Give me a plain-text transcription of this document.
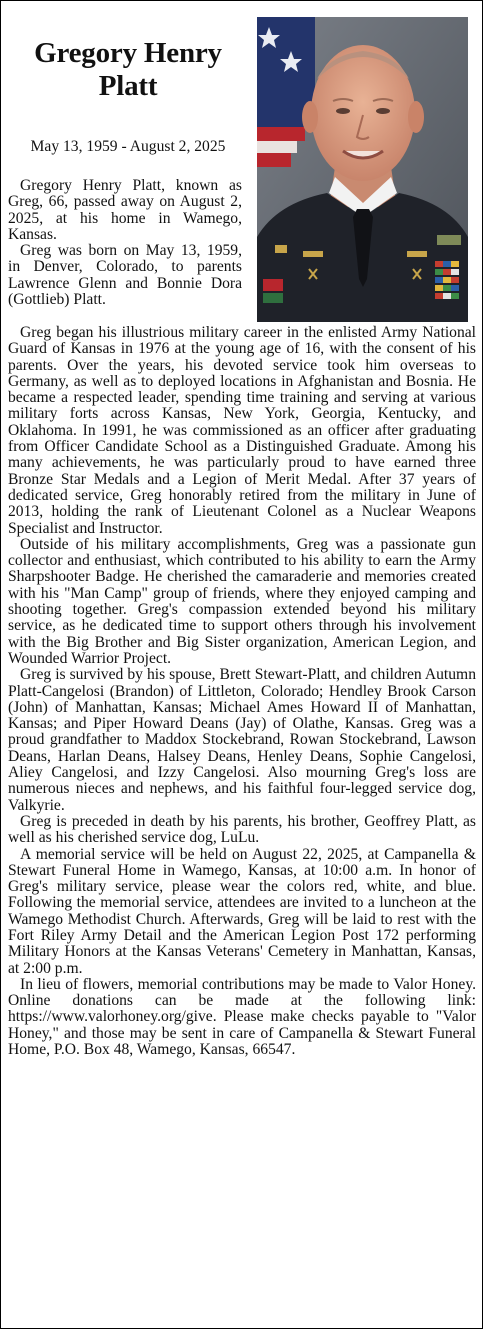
Gregory Henry Platt
May 13, 1959 - August 2, 2025

Gregory Henry Platt, known as Greg, 66, passed away on August 2, 2025, at his home in Wamego, Kansas.

Greg was born on May 13, 1959, in Denver, Colorado, to parents Lawrence Glenn and Bonnie Dora (Gottlieb) Platt.

Greg began his illustrious military career in the enlisted Army National Guard of Kansas in 1976 at the young age of 16, with the consent of his parents. Over the years, his devoted service took him overseas to Germany, as well as to deployed locations in Afghanistan and Bosnia. He became a respected leader, spending time training and serving at various military forts across Kansas, New York, Georgia, Kentucky, and Oklahoma. In 1991, he was commissioned as an officer after graduating from Officer Candidate School as a Distinguished Graduate. Among his many achievements, he was particularly proud to have earned three Bronze Star Medals and a Legion of Merit Medal. After 37 years of dedicated service, Greg honorably retired from the military in June of 2013, holding the rank of Lieutenant Colonel as a Nuclear Weapons Specialist and Instructor.

Outside of his military accomplishments, Greg was a passionate gun collector and enthusiast, which contributed to his ability to earn the Army Sharpshooter Badge. He cherished the camaraderie and memories created with his "Man Camp" group of friends, where they enjoyed camping and shooting together. Greg's compassion extended beyond his military service, as he dedicated time to support others through his involvement with the Big Brother and Big Sister organization, American Legion, and Wounded Warrior Project.

Greg is survived by his spouse, Brett Stewart-Platt, and children Autumn Platt-Cangelosi (Brandon) of Littleton, Colorado; Hendley Brook Carson (John) of Manhattan, Kansas; Michael Ames Howard II of Manhattan, Kansas; and Piper Howard Deans (Jay) of Olathe, Kansas. Greg was a proud grandfather to Maddox Stockebrand, Rowan Stockebrand, Lawson Deans, Harlan Deans, Halsey Deans, Henley Deans, Sophie Cangelosi, Aliey Cangelosi, and Izzy Cangelosi. Also mourning Greg's loss are numerous nieces and nephews, and his faithful four-legged service dog, Valkyrie.

Greg is preceded in death by his parents, his brother, Geoffrey Platt, as well as his cherished service dog, LuLu.

A memorial service will be held on August 22, 2025, at Campanella & Stewart Funeral Home in Wamego, Kansas, at 10:00 a.m. In honor of Greg's military service, please wear the colors red, white, and blue. Following the memorial service, attendees are invited to a luncheon at the Wamego Methodist Church. Afterwards, Greg will be laid to rest with the Fort Riley Army Detail and the American Legion Post 172 performing Military Honors at the Kansas Veterans' Cemetery in Manhattan, Kansas, at 2:00 p.m.

In lieu of flowers, memorial contributions may be made to Valor Honey. Online donations can be made at the following link: https://www.valorhoney.org/give. Please make checks payable to "Valor Honey," and those may be sent in care of Campanella & Stewart Funeral Home, P.O. Box 48, Wamego, Kansas, 66547.
